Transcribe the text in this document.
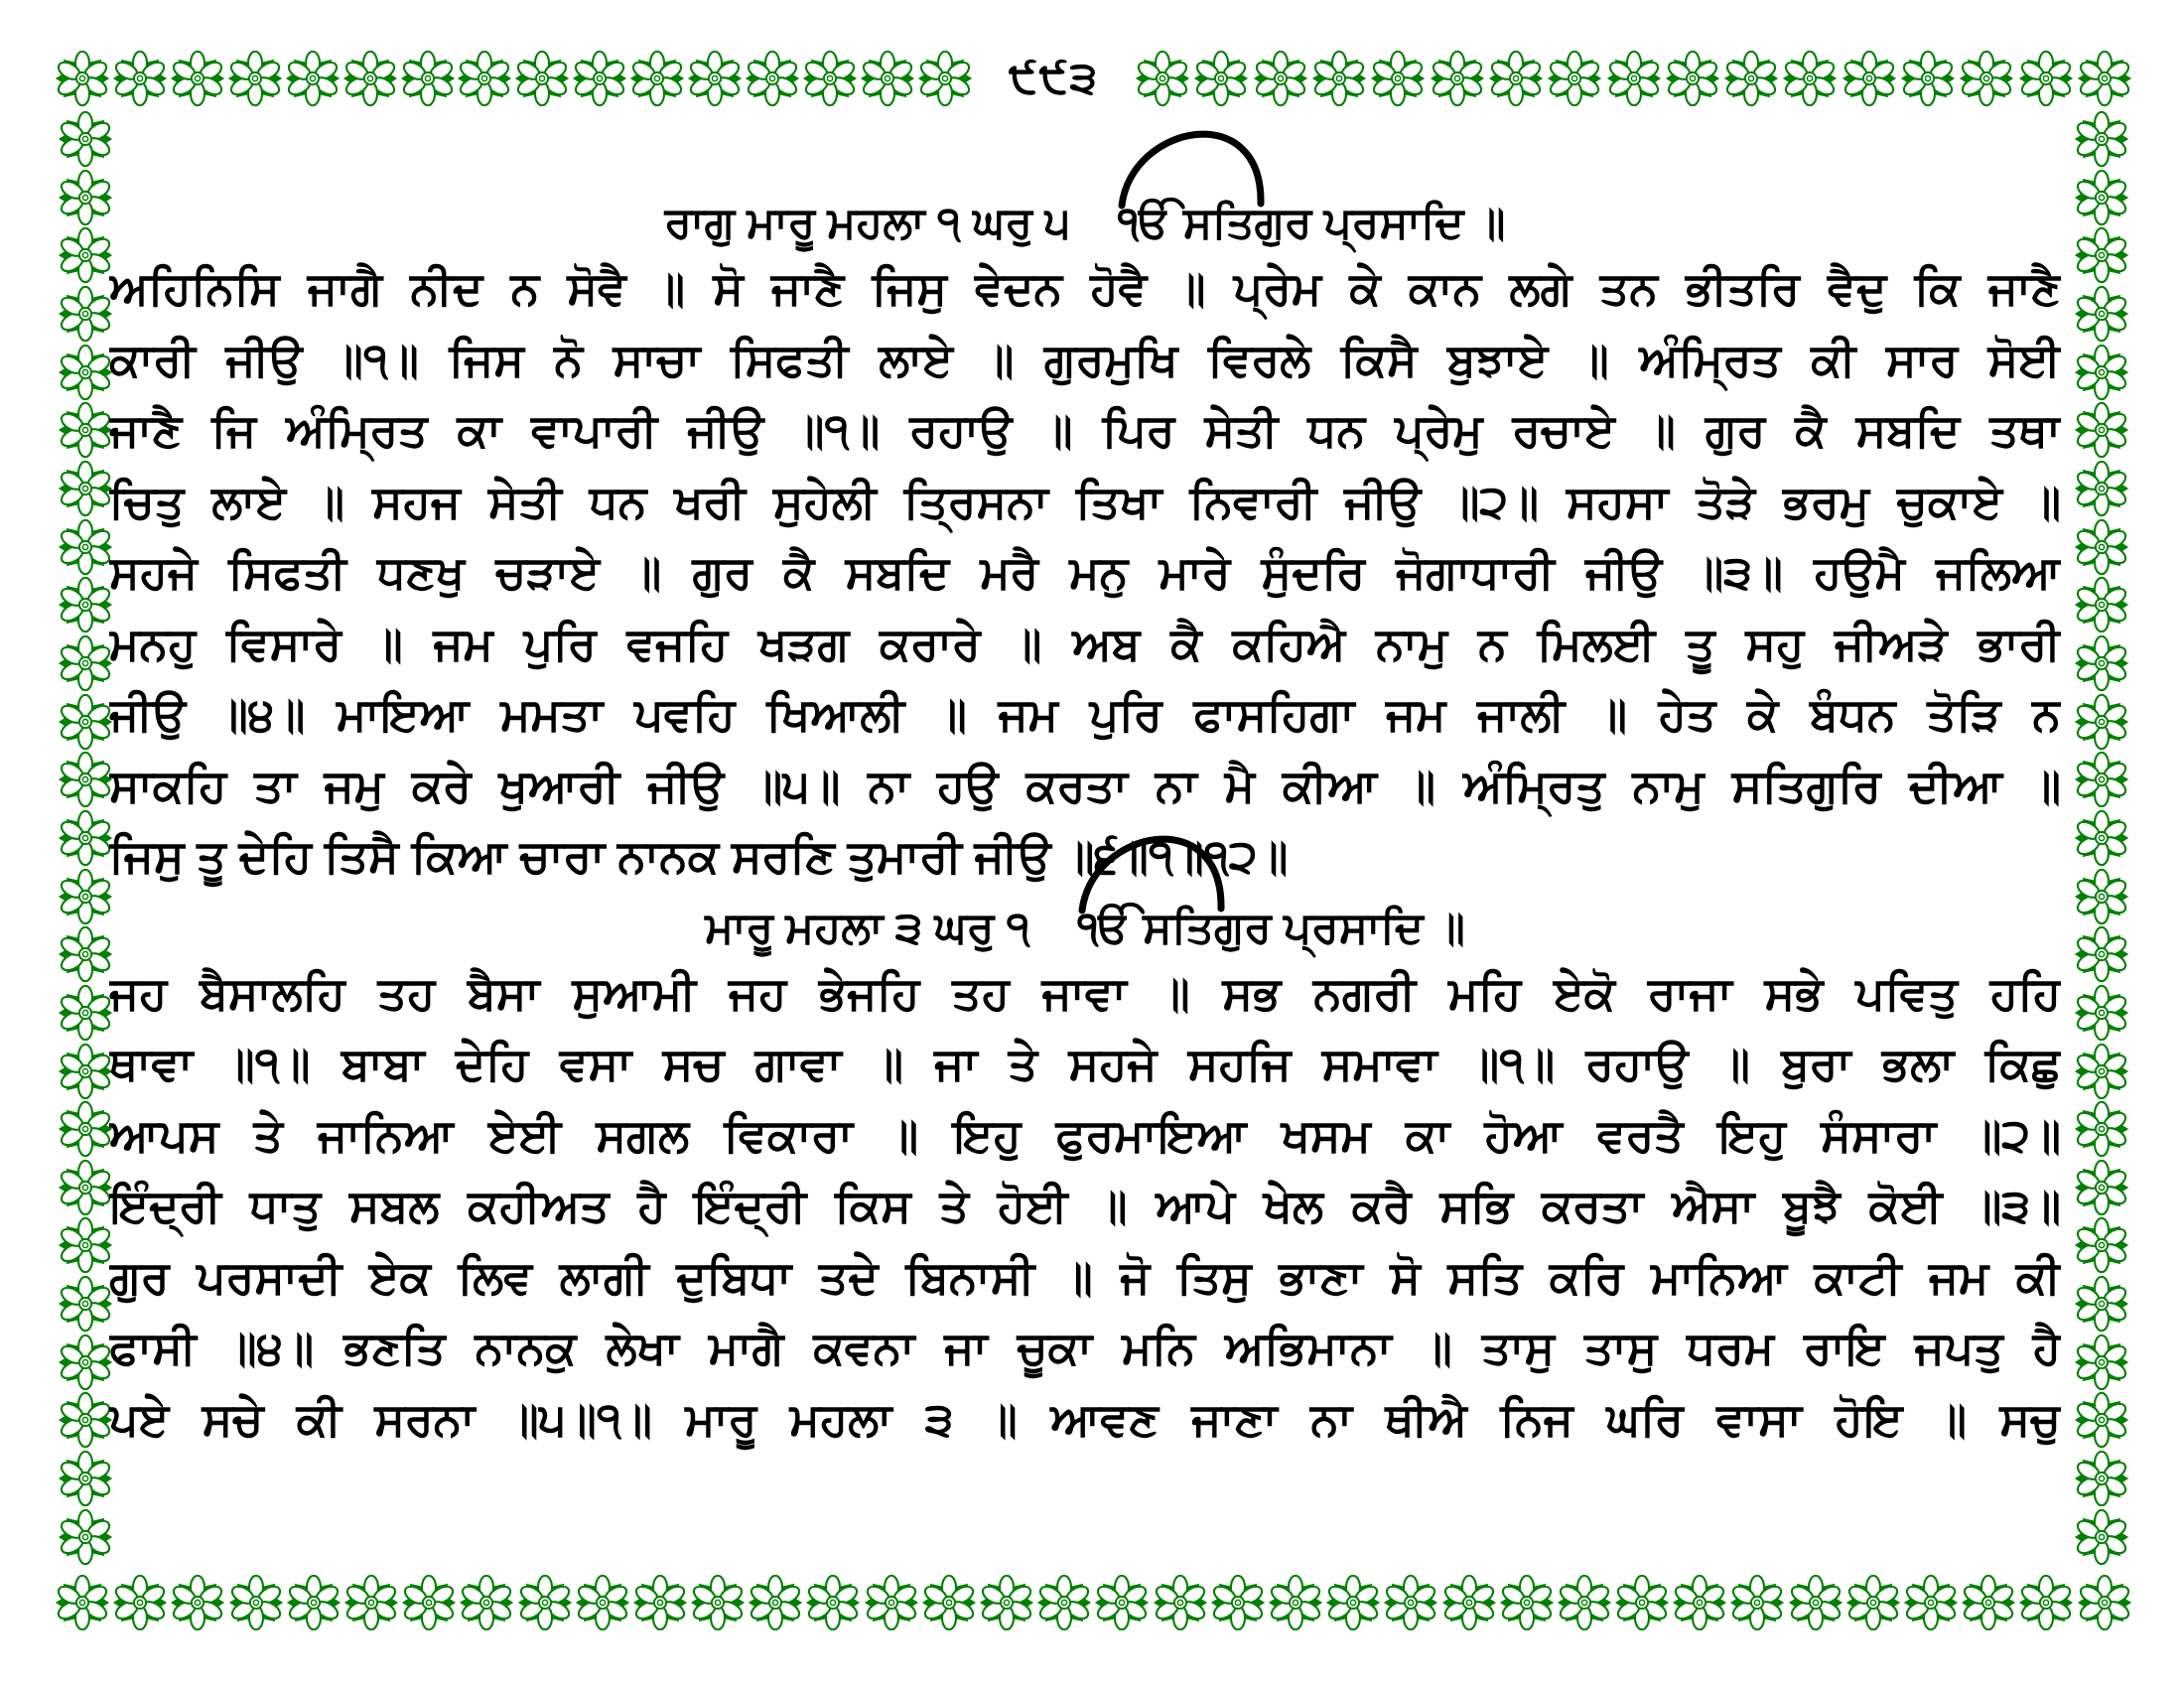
੯੯੩
ਰਾਗੁ ਮਾਰੂ ਮਹਲਾ ੧ ਘਰੁ ੫ ੴ ਸਤਿਗੁਰ ਪ੍ਰਸਾਦਿ ॥
ਅਹਿਨਿਸਿ ਜਾਗੈ ਨੀਦ ਨ ਸੋਵੈ ॥ ਸੋ ਜਾਣੈ ਜਿਸੁ ਵੇਦਨ ਹੋਵੈ ॥ ਪ੍ਰੇਮ ਕੇ ਕਾਨ ਲਗੇ ਤਨ ਭੀਤਰਿ ਵੈਦੁ ਕਿ ਜਾਣੈ
ਕਾਰੀ ਜੀਉ ॥੧॥ ਜਿਸ ਨੋ ਸਾਚਾ ਸਿਫਤੀ ਲਾਏ ॥ ਗੁਰਮੁਖਿ ਵਿਰਲੇ ਕਿਸੈ ਬੁਝਾਏ ॥ ਅੰਮ੍ਰਿਤ ਕੀ ਸਾਰ ਸੋਈ
ਜਾਣੈ ਜਿ ਅੰਮ੍ਰਿਤ ਕਾ ਵਾਪਾਰੀ ਜੀਉ ॥੧॥ ਰਹਾਉ ॥ ਪਿਰ ਸੇਤੀ ਧਨ ਪ੍ਰੇਮੁ ਰਚਾਏ ॥ ਗੁਰ ਕੈ ਸਬਦਿ ਤਥਾ
ਚਿਤੁ ਲਾਏ ॥ ਸਹਜ ਸੇਤੀ ਧਨ ਖਰੀ ਸੁਹੇਲੀ ਤ੍ਰਿਸਨਾ ਤਿਖਾ ਨਿਵਾਰੀ ਜੀਉ ॥੨॥ ਸਹਸਾ ਤੋੜੇ ਭਰਮੁ ਚੁਕਾਏ ॥
ਸਹਜੇ ਸਿਫਤੀ ਧਣਖੁ ਚੜਾਏ ॥ ਗੁਰ ਕੈ ਸਬਦਿ ਮਰੈ ਮਨੁ ਮਾਰੇ ਸੁੰਦਰਿ ਜੋਗਾਧਾਰੀ ਜੀਉ ॥੩॥ ਹਉਮੈ ਜਲਿਆ
ਮਨਹੁ ਵਿਸਾਰੇ ॥ ਜਮ ਪੁਰਿ ਵਜਹਿ ਖੜਗ ਕਰਾਰੇ ॥ ਅਬ ਕੈ ਕਹਿਐ ਨਾਮੁ ਨ ਮਿਲਈ ਤੂ ਸਹੁ ਜੀਅੜੇ ਭਾਰੀ
ਜੀਉ ॥੪॥ ਮਾਇਆ ਮਮਤਾ ਪਵਹਿ ਖਿਆਲੀ ॥ ਜਮ ਪੁਰਿ ਫਾਸਹਿਗਾ ਜਮ ਜਾਲੀ ॥ ਹੇਤ ਕੇ ਬੰਧਨ ਤੋੜਿ ਨ
ਸਾਕਹਿ ਤਾ ਜਮੁ ਕਰੇ ਖੁਆਰੀ ਜੀਉ ॥੫॥ ਨਾ ਹਉ ਕਰਤਾ ਨਾ ਮੈ ਕੀਆ ॥ ਅੰਮ੍ਰਿਤੁ ਨਾਮੁ ਸਤਿਗੁਰਿ ਦੀਆ ॥
ਜਿਸੁ ਤੂ ਦੇਹਿ ਤਿਸੈ ਕਿਆ ਚਾਰਾ ਨਾਨਕ ਸਰਣਿ ਤੁਮਾਰੀ ਜੀਉ ॥੬॥੧॥੧੨॥
ਮਾਰੂ ਮਹਲਾ ੩ ਘਰੁ ੧ ੴ ਸਤਿਗੁਰ ਪ੍ਰਸਾਦਿ ॥
ਜਹ ਬੈਸਾਲਹਿ ਤਹ ਬੈਸਾ ਸੁਆਮੀ ਜਹ ਭੇਜਹਿ ਤਹ ਜਾਵਾ ॥ ਸਭ ਨਗਰੀ ਮਹਿ ਏਕੋ ਰਾਜਾ ਸਭੇ ਪਵਿਤੁ ਹਹਿ
ਥਾਵਾ ॥੧॥ ਬਾਬਾ ਦੇਹਿ ਵਸਾ ਸਚ ਗਾਵਾ ॥ ਜਾ ਤੇ ਸਹਜੇ ਸਹਜਿ ਸਮਾਵਾ ॥੧॥ ਰਹਾਉ ॥ ਬੁਰਾ ਭਲਾ ਕਿਛੁ
ਆਪਸ ਤੇ ਜਾਨਿਆ ਏਈ ਸਗਲ ਵਿਕਾਰਾ ॥ ਇਹੁ ਫੁਰਮਾਇਆ ਖਸਮ ਕਾ ਹੋਆ ਵਰਤੈ ਇਹੁ ਸੰਸਾਰਾ ॥੨॥
ਇੰਦ੍ਰੀ ਧਾਤੁ ਸਬਲ ਕਹੀਅਤ ਹੈ ਇੰਦ੍ਰੀ ਕਿਸ ਤੇ ਹੋਈ ॥ ਆਪੇ ਖੇਲ ਕਰੈ ਸਭਿ ਕਰਤਾ ਐਸਾ ਬੂਝੈ ਕੋਈ ॥੩॥
ਗੁਰ ਪਰਸਾਦੀ ਏਕ ਲਿਵ ਲਾਗੀ ਦੁਬਿਧਾ ਤਦੇ ਬਿਨਾਸੀ ॥ ਜੋ ਤਿਸੁ ਭਾਣਾ ਸੋ ਸਤਿ ਕਰਿ ਮਾਨਿਆ ਕਾਟੀ ਜਮ ਕੀ
ਫਾਸੀ ॥੪॥ ਭਣਤਿ ਨਾਨਕੁ ਲੇਖਾ ਮਾਗੈ ਕਵਨਾ ਜਾ ਚੂਕਾ ਮਨਿ ਅਭਿਮਾਨਾ ॥ ਤਾਸੁ ਤਾਸੁ ਧਰਮ ਰਾਇ ਜਪਤੁ ਹੈ
ਪਏ ਸਚੇ ਕੀ ਸਰਨਾ ॥੫॥੧॥ ਮਾਰੂ ਮਹਲਾ ੩ ॥ ਆਵਣ ਜਾਣਾ ਨਾ ਥੀਐ ਨਿਜ ਘਰਿ ਵਾਸਾ ਹੋਇ ॥ ਸਚੁ
